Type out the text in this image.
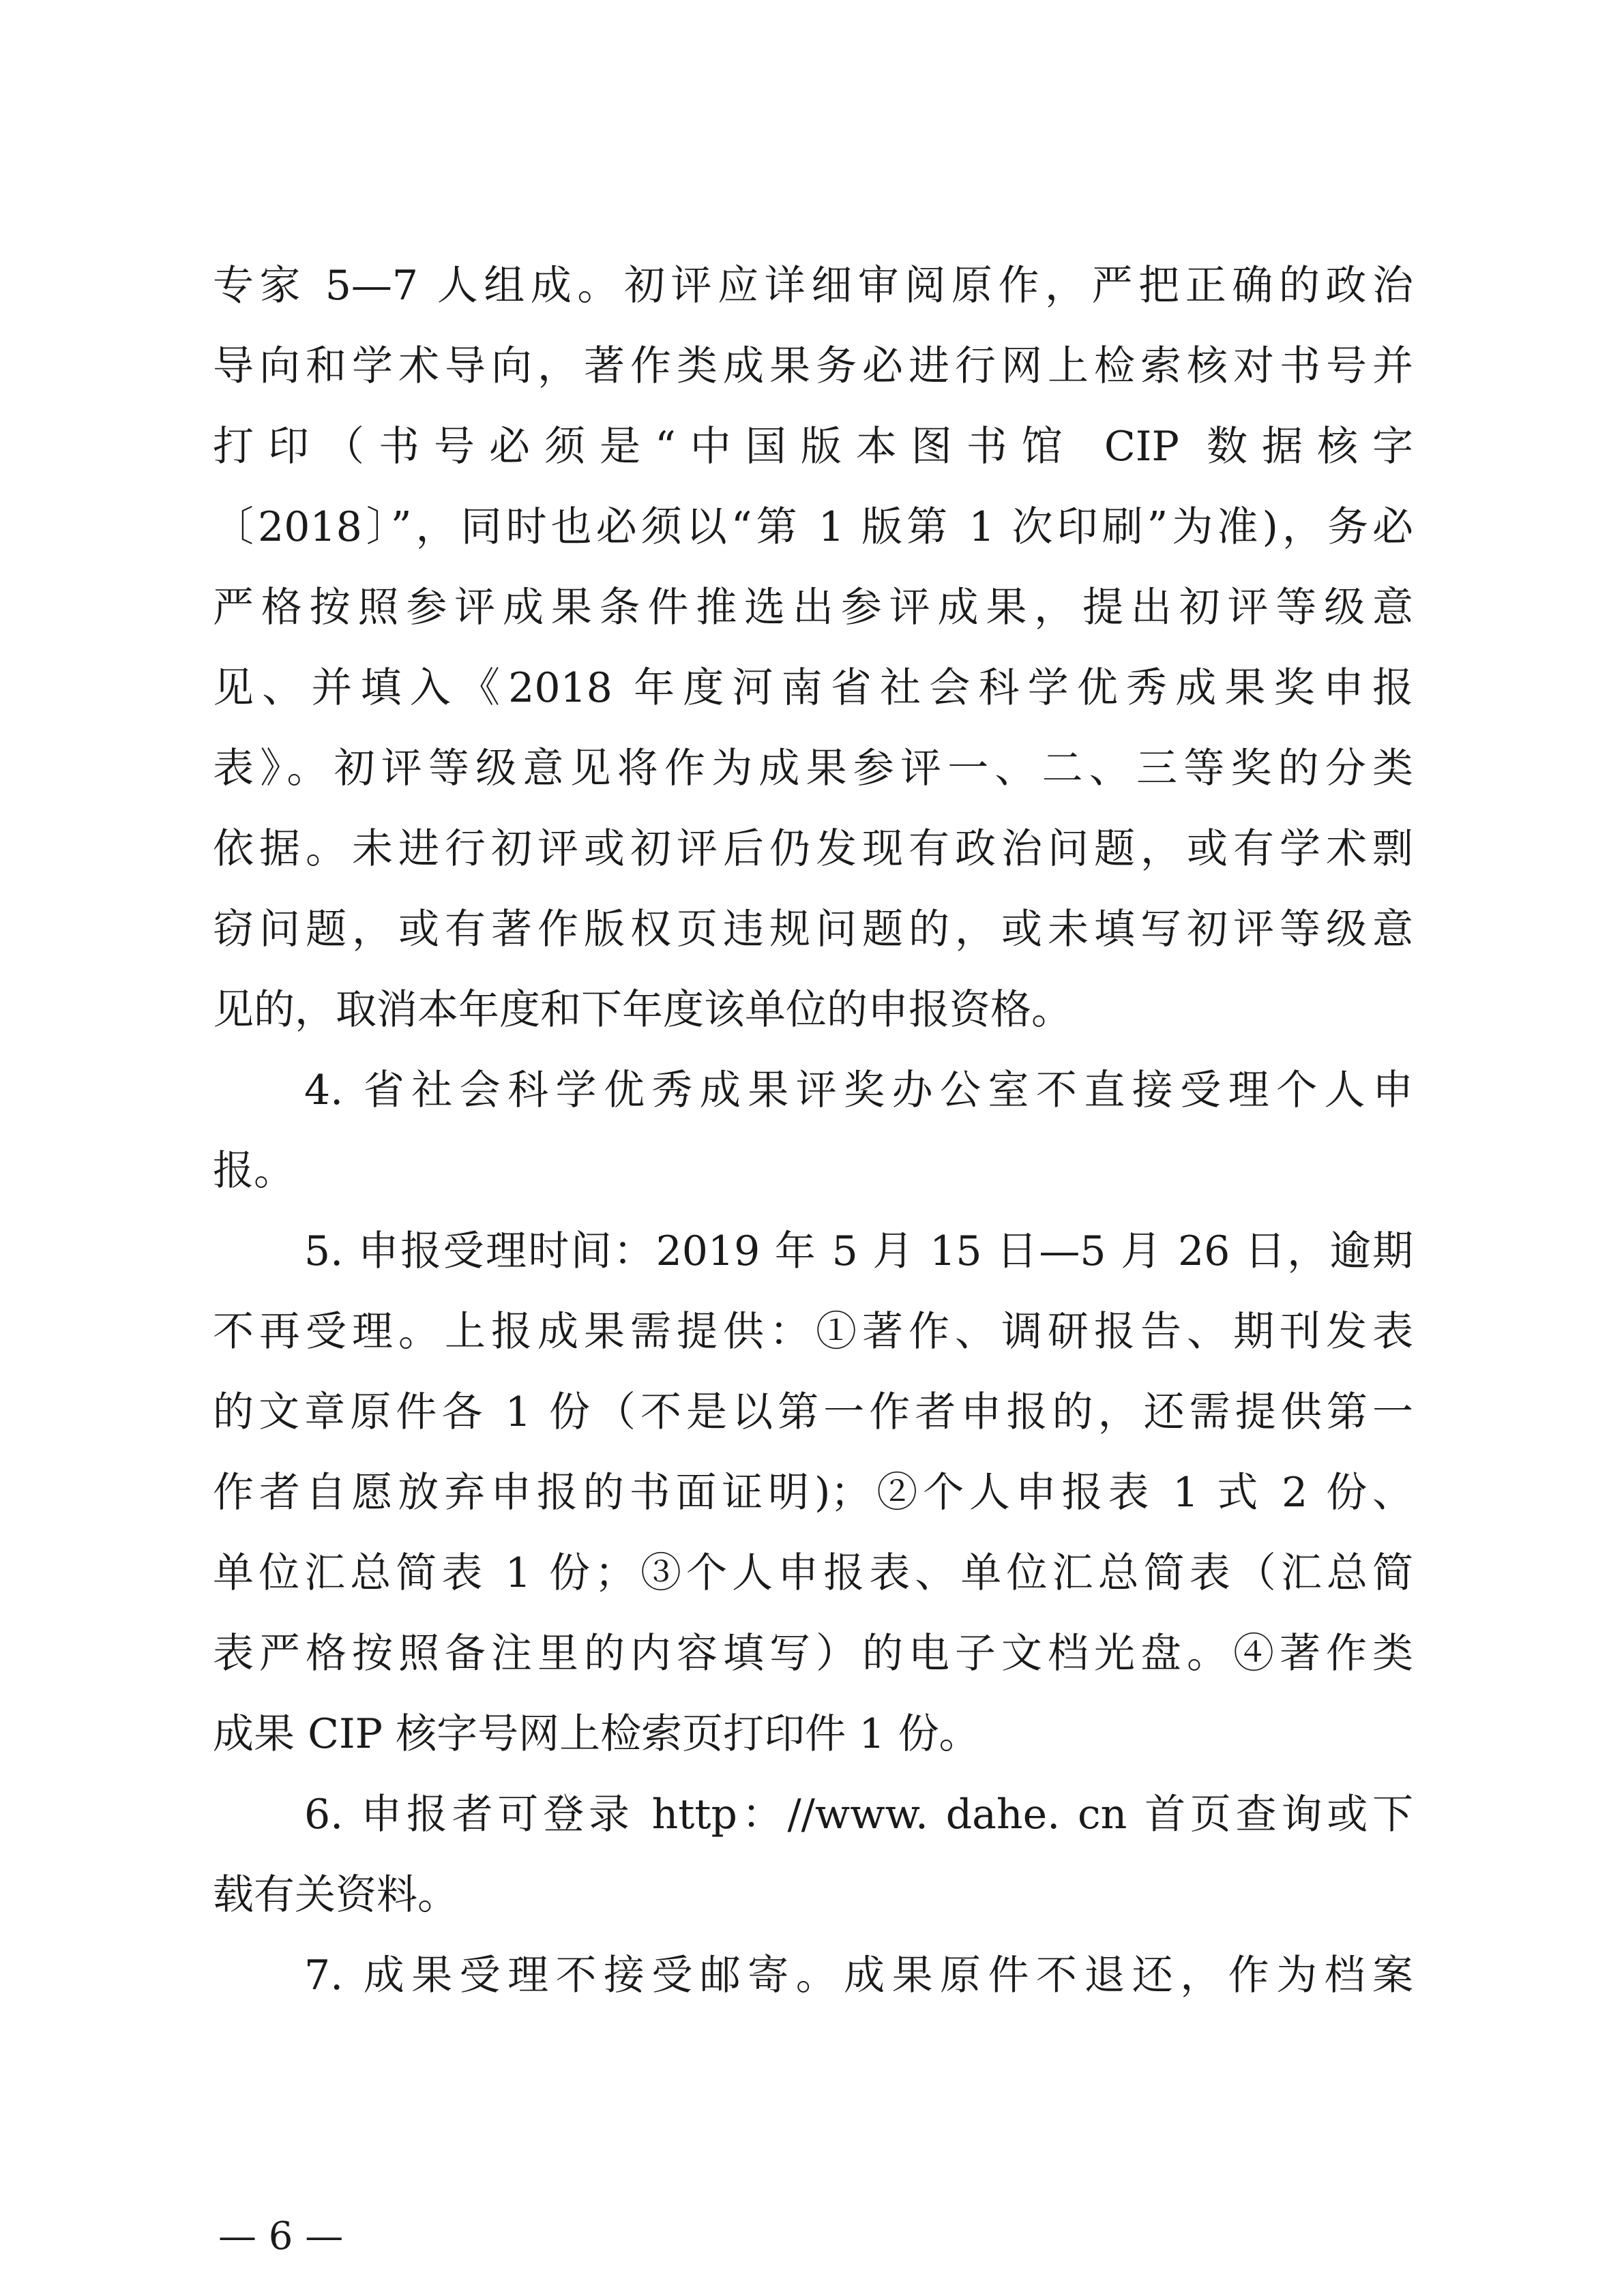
专家 5—7 人组成。初评应详细审阅原作，严把正确的政治
导向和学术导向，著作类成果务必进行网上检索核对书号并
打印（书号必须是“中国版本图书馆 CIP 数据核字
〔2018〕”，同时也必须以“第 1 版第 1 次印刷”为准)，务必
严格按照参评成果条件推选出参评成果，提出初评等级意
见、并填入《2018 年度河南省社会科学优秀成果奖申报
表》。初评等级意见将作为成果参评一、二、三等奖的分类
依据。未进行初评或初评后仍发现有政治问题，或有学术剽
窃问题，或有著作版权页违规问题的，或未填写初评等级意
见的，取消本年度和下年度该单位的申报资格。
4. 省社会科学优秀成果评奖办公室不直接受理个人申
报。
5. 申报受理时间：2019 年 5 月 15 日—5 月 26 日，逾期
不再受理。上报成果需提供：①著作、调研报告、期刊发表
的文章原件各 1 份（不是以第一作者申报的，还需提供第一
作者自愿放弃申报的书面证明)；②个人申报表 1 式 2 份、
单位汇总简表 1 份；③个人申报表、单位汇总简表（汇总简
表严格按照备注里的内容填写）的电子文档光盘。④著作类
成果 CIP 核字号网上检索页打印件 1 份。
6. 申报者可登录 http：//www. dahe. cn 首页查询或下
载有关资料。
7. 成果受理不接受邮寄。成果原件不退还，作为档案
— 6 —
